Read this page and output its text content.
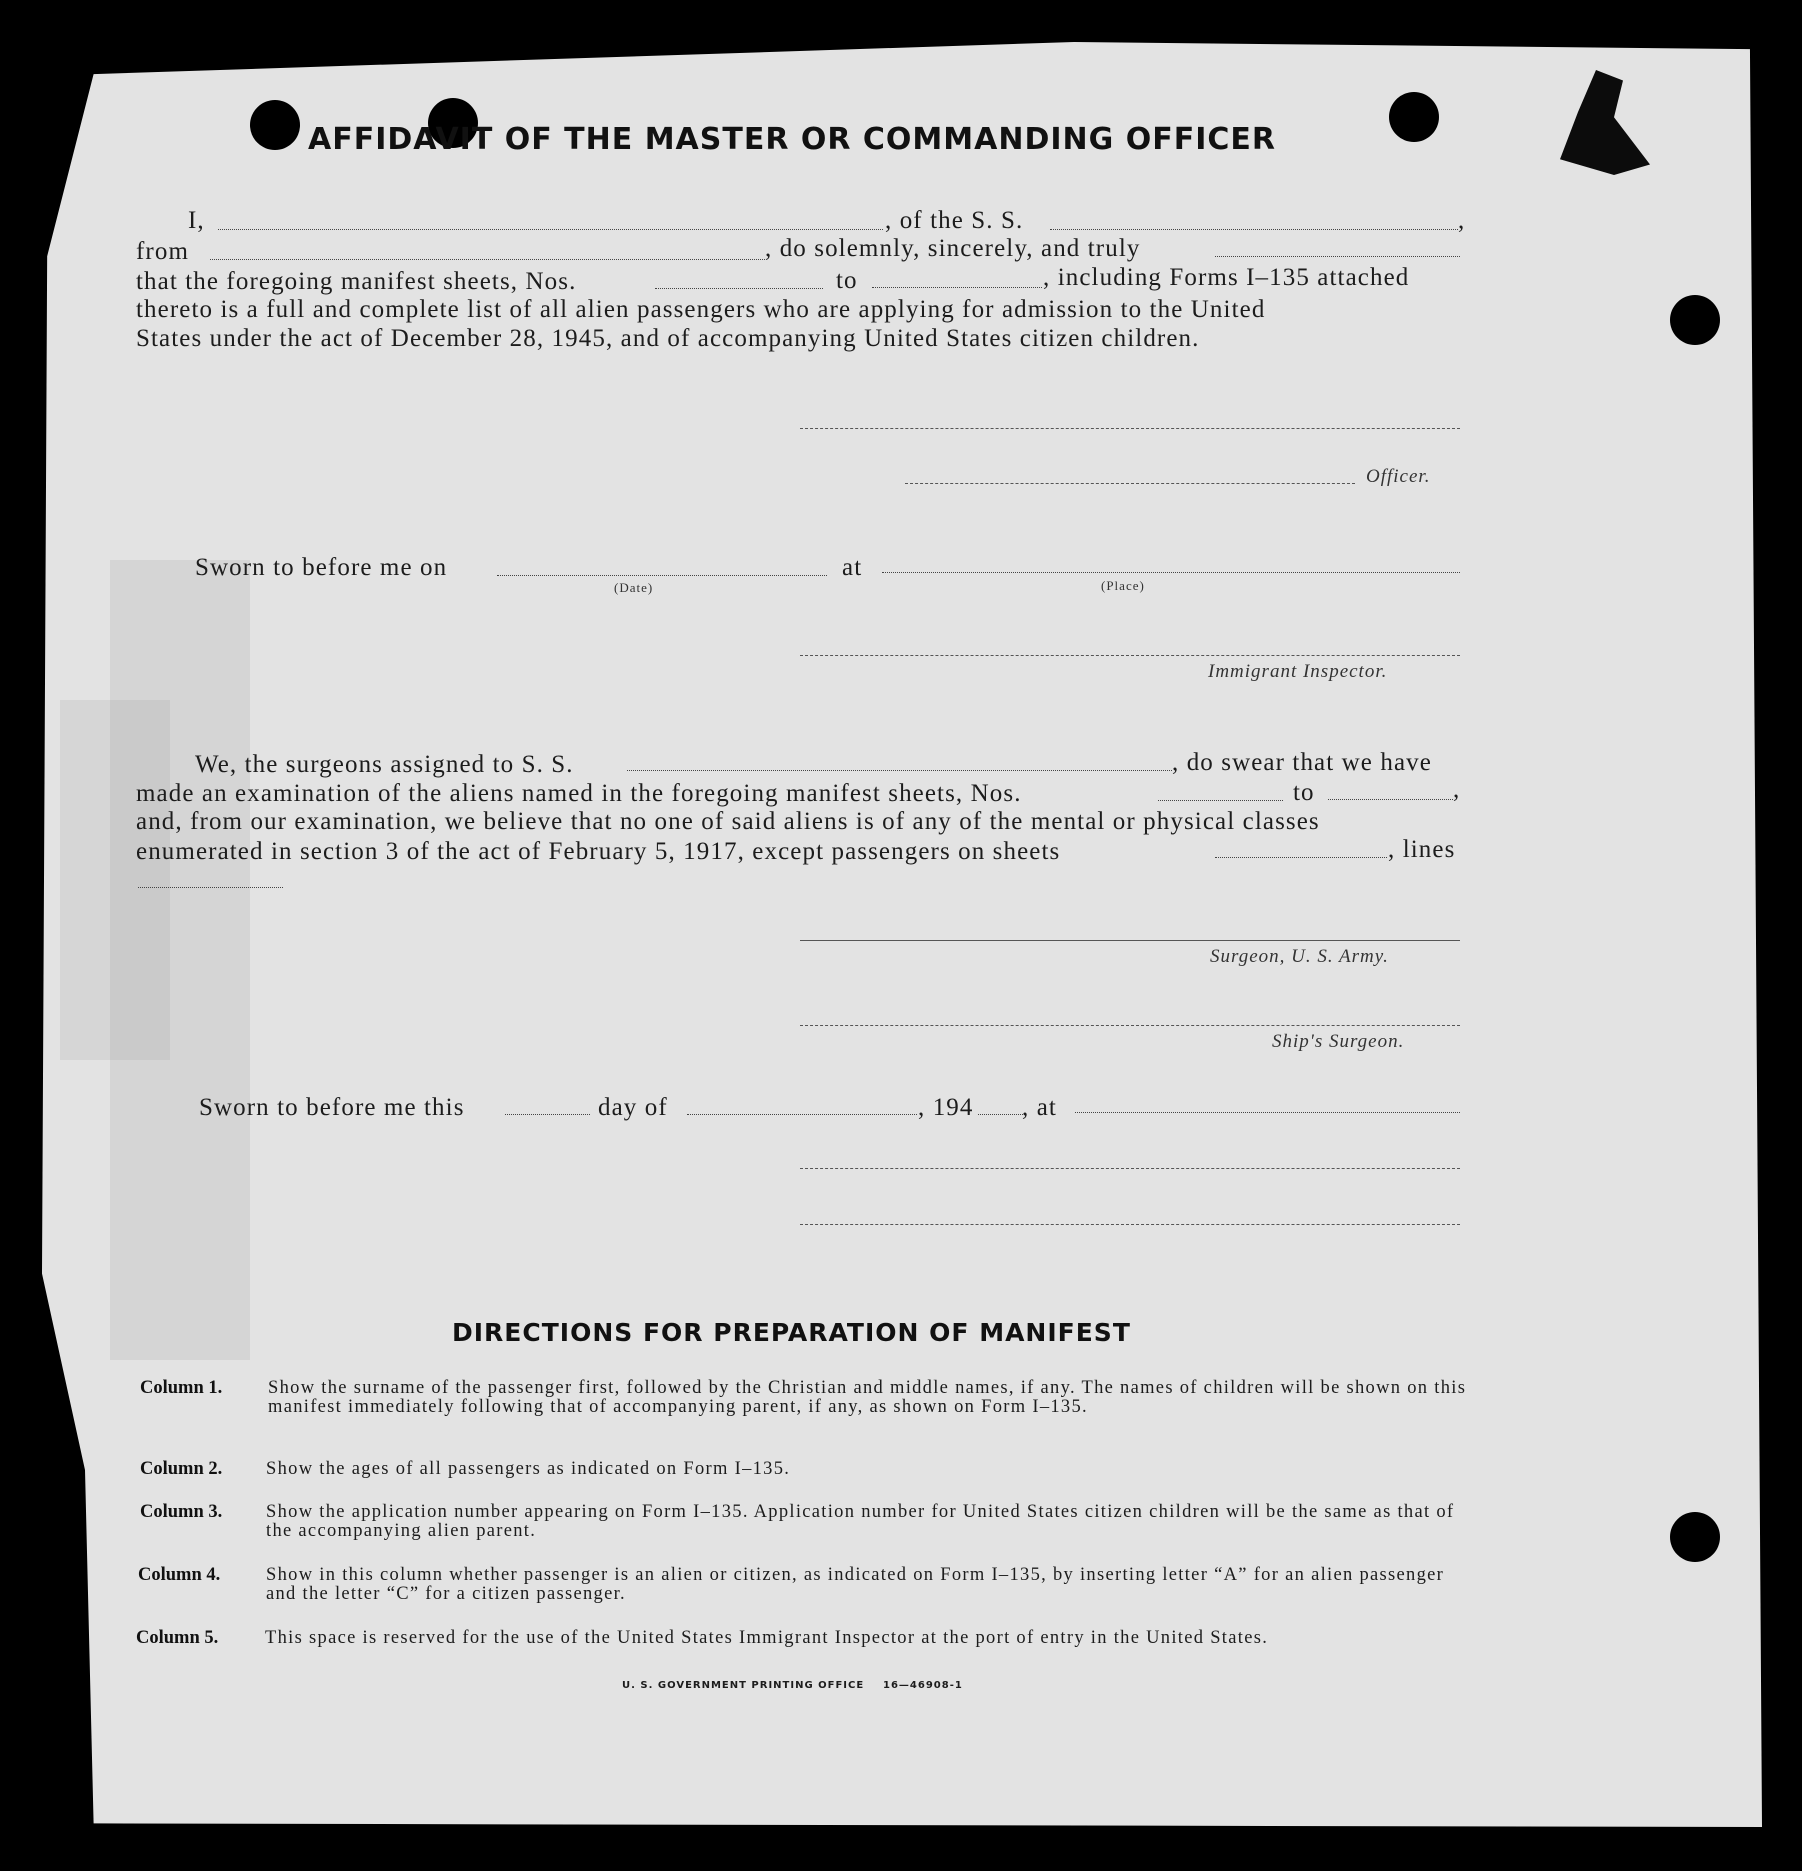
AFFIDAVIT OF THE MASTER OR COMMANDING OFFICER
I,	, of the S. S.	,
from	, do solemnly, sincerely, and truly
that the foregoing manifest sheets, Nos.	to	, including Forms I–135 attached
thereto is a full and complete list of all alien passengers who are applying for admission to the United
States under the act of December 28, 1945, and of accompanying United States citizen children.
Officer.
Sworn to before me on
(Date)
at
(Place)
Immigrant Inspector.
We, the surgeons assigned to S. S.	, do swear that we have
made an examination of the aliens named in the foregoing manifest sheets, Nos.	to	,
and, from our examination, we believe that no one of said aliens is of any of the mental or physical classes
enumerated in section 3 of the act of February 5, 1917, except passengers on sheets	, lines
Surgeon, U. S. Army.
Ship's Surgeon.
Sworn to before me this	day of	, 194 , at
DIRECTIONS FOR PREPARATION OF MANIFEST
Column 1. Show the surname of the passenger first, followed by the Christian and middle names, if any. The names of children will be shown on this manifest immediately following that of accompanying parent, if any, as shown on Form I–135.
Column 2. Show the ages of all passengers as indicated on Form I–135.
Column 3. Show the application number appearing on Form I–135. Application number for United States citizen children will be the same as that of the accompanying alien parent.
Column 4. Show in this column whether passenger is an alien or citizen, as indicated on Form I–135, by inserting letter “A” for an alien passenger and the letter “C” for a citizen passenger.
Column 5.	This space is reserved for the use of the United States Immigrant Inspector at the port of entry in the United States.
U. S. GOVERNMENT PRINTING OFFICE 16—46908-1
